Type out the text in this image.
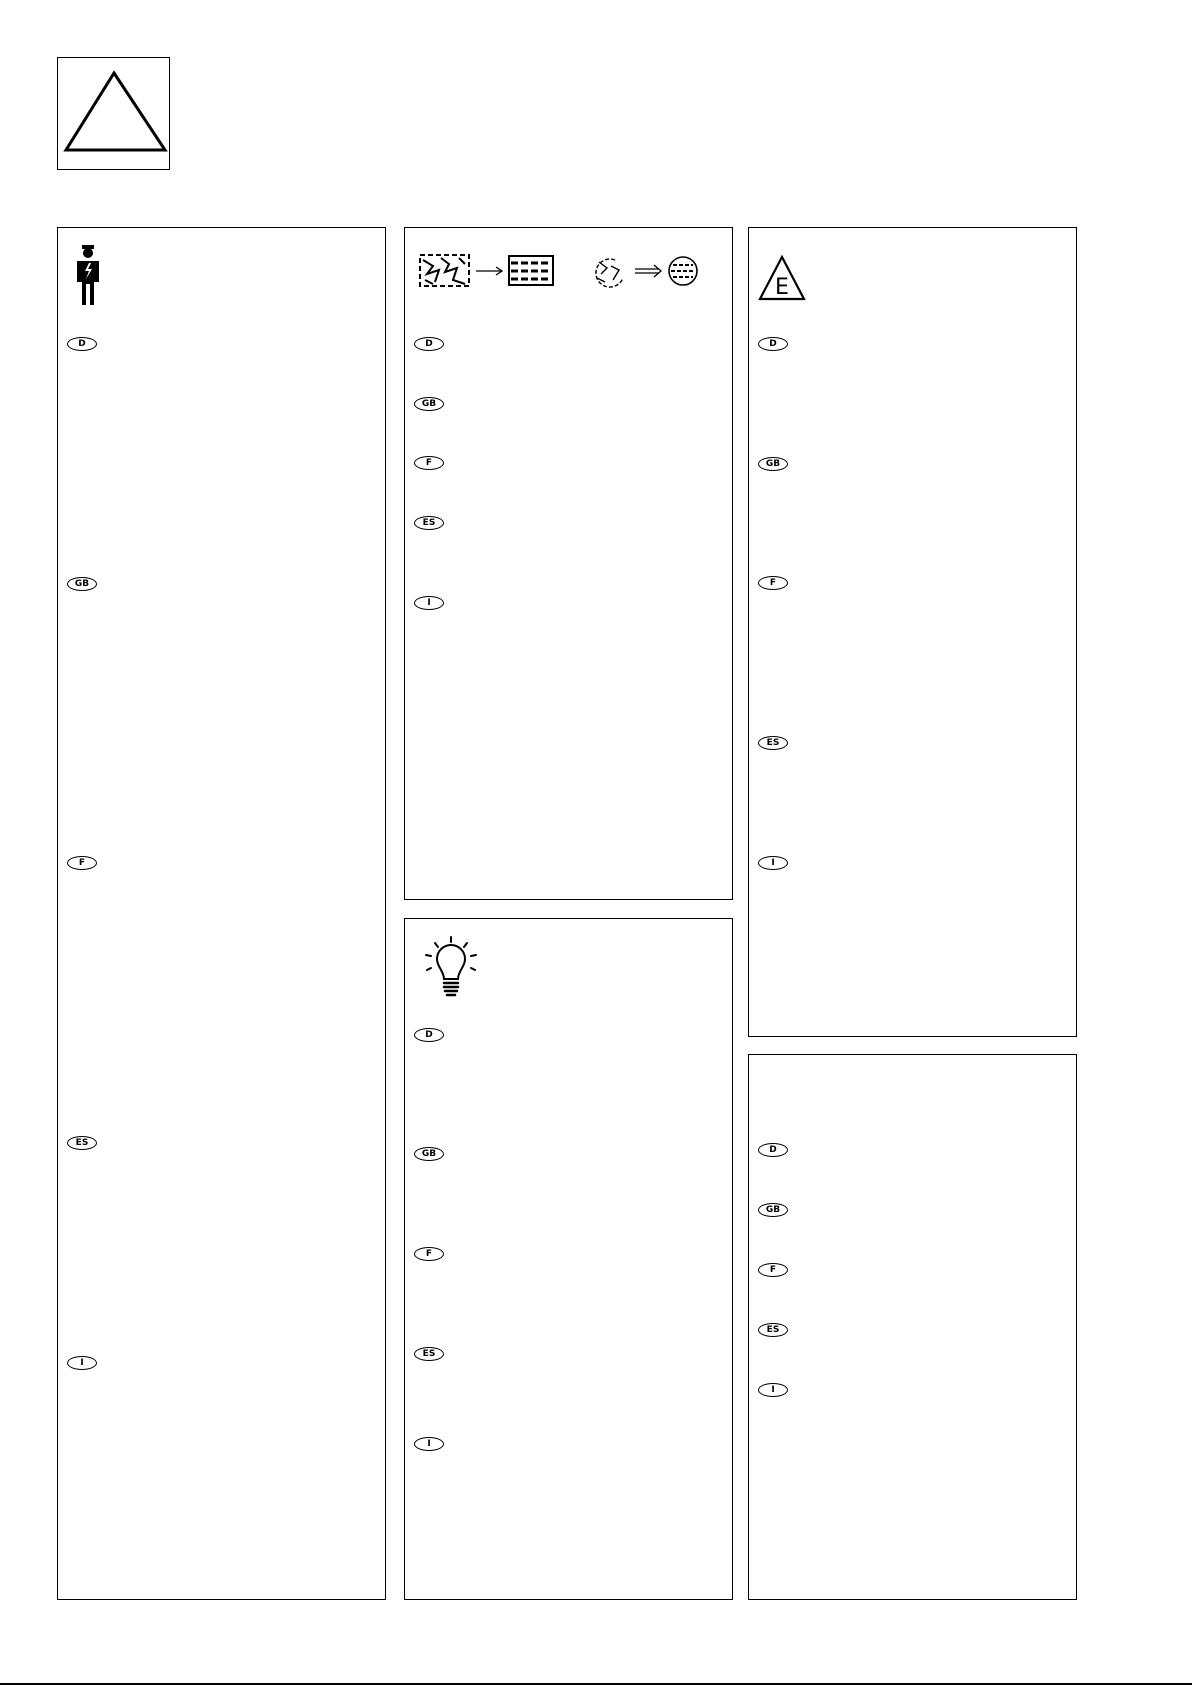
D
GB
F
ES
I
D
GB
F
ES
I
D
GB
F
ES
I
E
D
GB
F
ES
I
D
GB
F
ES
I
